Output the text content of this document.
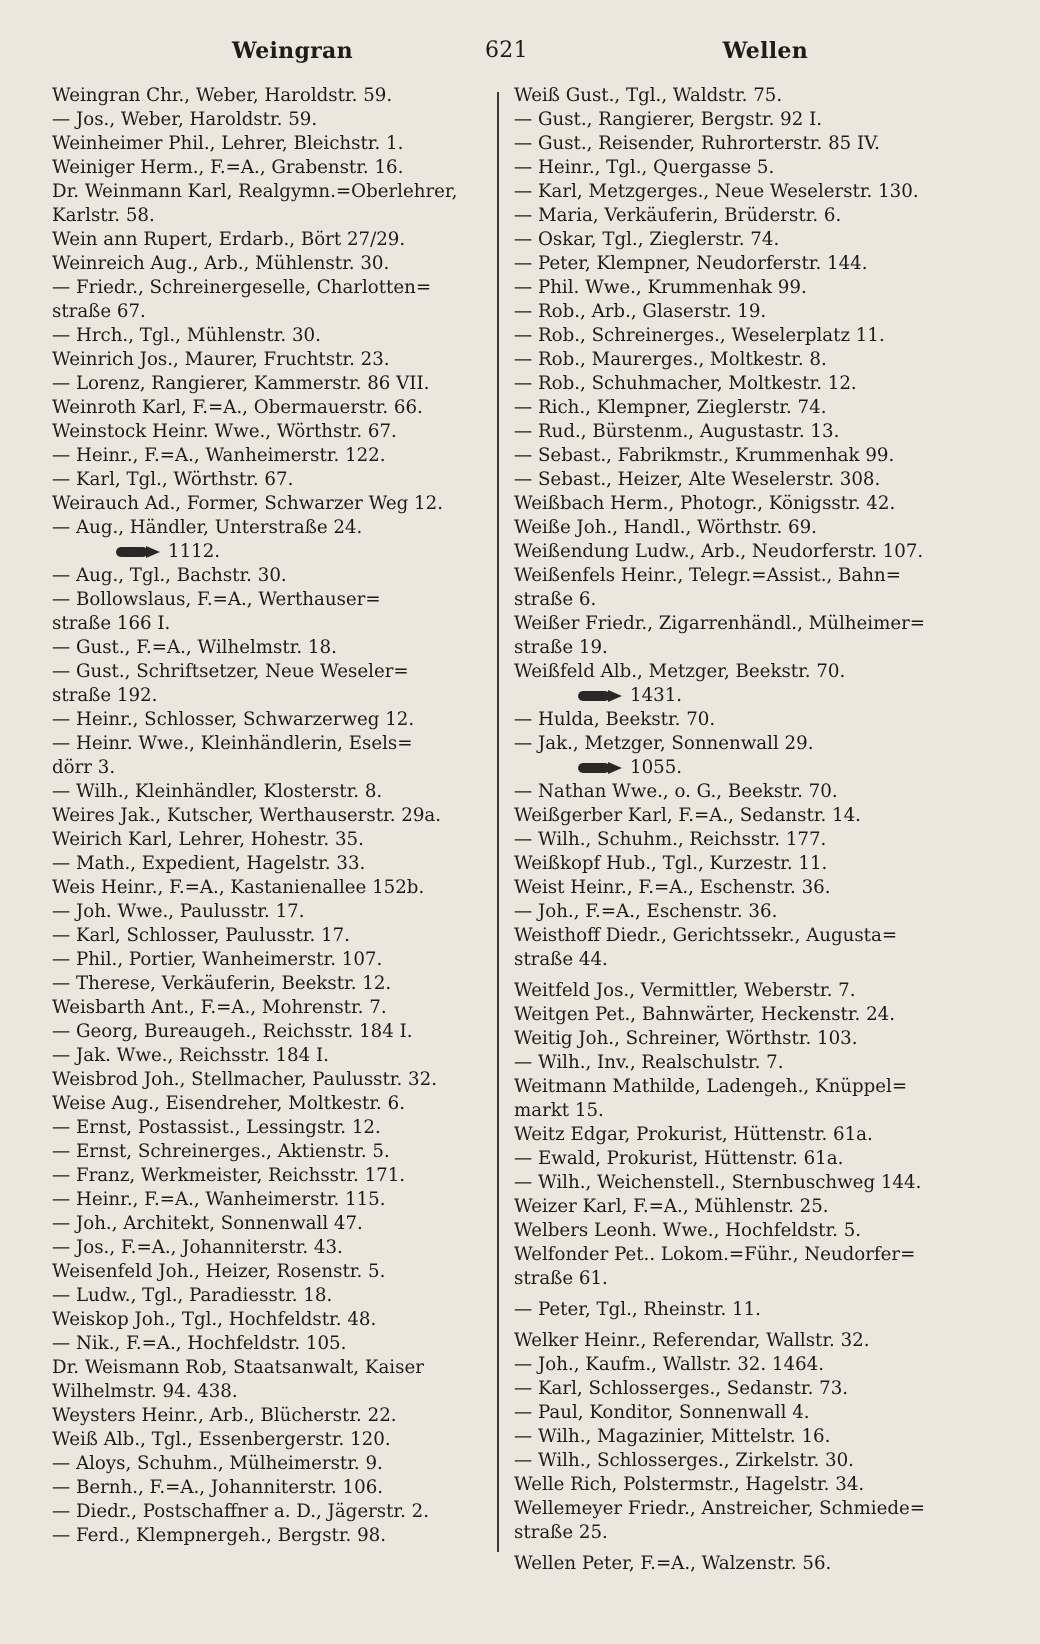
Weingran	621	Wellen
Weingran Chr., Weber, Haroldstr. 59.
— Jos., Weber, Haroldstr. 59.
Weinheimer Phil., Lehrer, Bleichstr. 1.
Weiniger Herm., F.=A., Grabenstr. 16.
Dr. Weinmann Karl, Realgymn.=Oberlehrer,
Karlstr. 58.
Wein ann Rupert, Erdarb., Bört 27/29.
Weinreich Aug., Arb., Mühlenstr. 30.
— Friedr., Schreinergeselle, Charlotten=
straße 67.
— Hrch., Tgl., Mühlenstr. 30.
Weinrich Jos., Maurer, Fruchtstr. 23.
— Lorenz, Rangierer, Kammerstr. 86 VII.
Weinroth Karl, F.=A., Obermauerstr. 66.
Weinstock Heinr. Wwe., Wörthstr. 67.
— Heinr., F.=A., Wanheimerstr. 122.
— Karl, Tgl., Wörthstr. 67.
Weirauch Ad., Former, Schwarzer Weg 12.
— Aug., Händler, Unterstraße 24.
1112.
— Aug., Tgl., Bachstr. 30.
— Bollowslaus, F.=A., Werthauser=
straße 166 I.
— Gust., F.=A., Wilhelmstr. 18.
— Gust., Schriftsetzer, Neue Weseler=
straße 192.
— Heinr., Schlosser, Schwarzerweg 12.
— Heinr. Wwe., Kleinhändlerin, Esels=
dörr 3.
— Wilh., Kleinhändler, Klosterstr. 8.
Weires Jak., Kutscher, Werthauserstr. 29a.
Weirich Karl, Lehrer, Hohestr. 35.
— Math., Expedient, Hagelstr. 33.
Weis Heinr., F.=A., Kastanienallee 152b.
— Joh. Wwe., Paulusstr. 17.
— Karl, Schlosser, Paulusstr. 17.
— Phil., Portier, Wanheimerstr. 107.
— Therese, Verkäuferin, Beekstr. 12.
Weisbarth Ant., F.=A., Mohrenstr. 7.
— Georg, Bureaugeh., Reichsstr. 184 I.
— Jak. Wwe., Reichsstr. 184 I.
Weisbrod Joh., Stellmacher, Paulusstr. 32.
Weise Aug., Eisendreher, Moltkestr. 6.
— Ernst, Postassist., Lessingstr. 12.
— Ernst, Schreinerges., Aktienstr. 5.
— Franz, Werkmeister, Reichsstr. 171.
— Heinr., F.=A., Wanheimerstr. 115.
— Joh., Architekt, Sonnenwall 47.
— Jos., F.=A., Johanniterstr. 43.
Weisenfeld Joh., Heizer, Rosenstr. 5.
— Ludw., Tgl., Paradiesstr. 18.
Weiskop Joh., Tgl., Hochfeldstr. 48.
— Nik., F.=A., Hochfeldstr. 105.
Dr. Weismann Rob, Staatsanwalt, Kaiser
Wilhelmstr. 94. 438.
Weysters Heinr., Arb., Blücherstr. 22.
Weiß Alb., Tgl., Essenbergerstr. 120.
— Aloys, Schuhm., Mülheimerstr. 9.
— Bernh., F.=A., Johanniterstr. 106.
— Diedr., Postschaffner a. D., Jägerstr. 2.
— Ferd., Klempnergeh., Bergstr. 98.
Weiß Gust., Tgl., Waldstr. 75.
— Gust., Rangierer, Bergstr. 92 I.
— Gust., Reisender, Ruhrorterstr. 85 IV.
— Heinr., Tgl., Quergasse 5.
— Karl, Metzgerges., Neue Weselerstr. 130.
— Maria, Verkäuferin, Brüderstr. 6.
— Oskar, Tgl., Zieglerstr. 74.
— Peter, Klempner, Neudorferstr. 144.
— Phil. Wwe., Krummenhak 99.
— Rob., Arb., Glaserstr. 19.
— Rob., Schreinerges., Weselerplatz 11.
— Rob., Maurerges., Moltkestr. 8.
— Rob., Schuhmacher, Moltkestr. 12.
— Rich., Klempner, Zieglerstr. 74.
— Rud., Bürstenm., Augustastr. 13.
— Sebast., Fabrikmstr., Krummenhak 99.
— Sebast., Heizer, Alte Weselerstr. 308.
Weißbach Herm., Photogr., Königsstr. 42.
Weiße Joh., Handl., Wörthstr. 69.
Weißendung Ludw., Arb., Neudorferstr. 107.
Weißenfels Heinr., Telegr.=Assist., Bahn=
straße 6.
Weißer Friedr., Zigarrenhändl., Mülheimer=
straße 19.
Weißfeld Alb., Metzger, Beekstr. 70.
1431.
— Hulda, Beekstr. 70.
— Jak., Metzger, Sonnenwall 29.
1055.
— Nathan Wwe., o. G., Beekstr. 70.
Weißgerber Karl, F.=A., Sedanstr. 14.
— Wilh., Schuhm., Reichsstr. 177.
Weißkopf Hub., Tgl., Kurzestr. 11.
Weist Heinr., F.=A., Eschenstr. 36.
— Joh., F.=A., Eschenstr. 36.
Weisthoff Diedr., Gerichtssekr., Augusta=
straße 44.
Weitfeld Jos., Vermittler, Weberstr. 7.
Weitgen Pet., Bahnwärter, Heckenstr. 24.
Weitig Joh., Schreiner, Wörthstr. 103.
— Wilh., Inv., Realschulstr. 7.
Weitmann Mathilde, Ladengeh., Knüppel=
markt 15.
Weitz Edgar, Prokurist, Hüttenstr. 61a.
— Ewald, Prokurist, Hüttenstr. 61a.
— Wilh., Weichenstell., Sternbuschweg 144.
Weizer Karl, F.=A., Mühlenstr. 25.
Welbers Leonh. Wwe., Hochfeldstr. 5.
Welfonder Pet.. Lokom.=Führ., Neudorfer=
straße 61.
— Peter, Tgl., Rheinstr. 11.
Welker Heinr., Referendar, Wallstr. 32.
— Joh., Kaufm., Wallstr. 32. 1464.
— Karl, Schlosserges., Sedanstr. 73.
— Paul, Konditor, Sonnenwall 4.
— Wilh., Magazinier, Mittelstr. 16.
— Wilh., Schlosserges., Zirkelstr. 30.
Welle Rich, Polstermstr., Hagelstr. 34.
Wellemeyer Friedr., Anstreicher, Schmiede=
straße 25.
Wellen Peter, F.=A., Walzenstr. 56.
